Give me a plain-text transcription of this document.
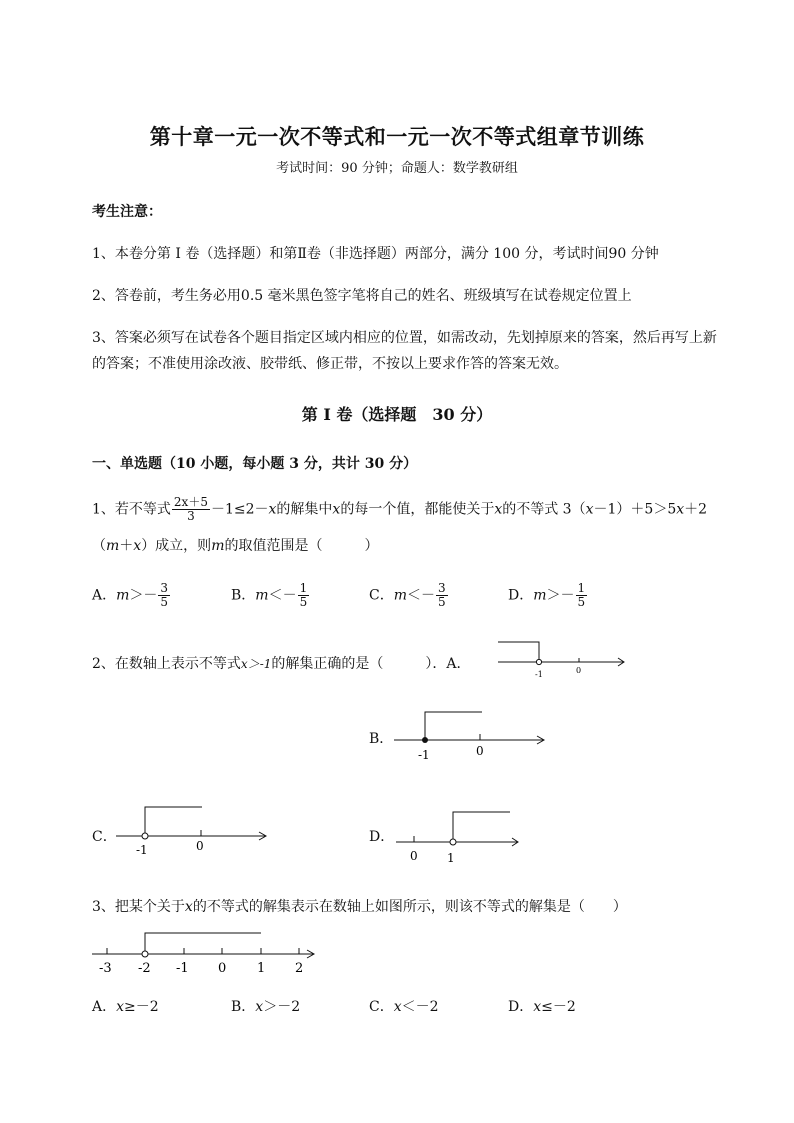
第十章一元一次不等式和一元一次不等式组章节训练
考试时间：90 分钟；命题人：数学教研组
考生注意：
1、本卷分第 I 卷（选择题）和第Ⅱ卷（非选择题）两部分，满分 100 分，考试时间90 分钟
2、答卷前，考生务必用0.5 毫米黑色签字笔将自己的姓名、班级填写在试卷规定位置上
3、答案必须写在试卷各个题目指定区域内相应的位置，如需改动，先划掉原来的答案，然后再写上新
的答案；不准使用涂改液、胶带纸、修正带，不按以上要求作答的答案无效。
第 I 卷（选择题　30 分）
一、单选题（10 小题，每小题 3 分，共计 30 分）
1、若不等式 $\frac{2x+5}{3} -1\le 2-x$的解集中x的每一个值，都能使关于x的不等式 3（x－1）＋5＞5x＋2
（m＋x）成立，则m的取值范围是（　　　）
A．$m>- \frac{3}{5}$	B．$m<- \frac{1}{5}$	C．$m<- \frac{3}{5}$	D．$m>- \frac{1}{5}$
2、在数轴上表示不等式x＞-1的解集正确的是（　　　）．A．
-1	0
B．
-1	0
C．
-1	0
D．
0 1
3、把某个关于x的不等式的解集表示在数轴上如图所示，则该不等式的解集是（　　）
-3 -2 -1 0 1 2
A．x≥－2	B．x＞－2	C．x＜－2	D．x≤－2
